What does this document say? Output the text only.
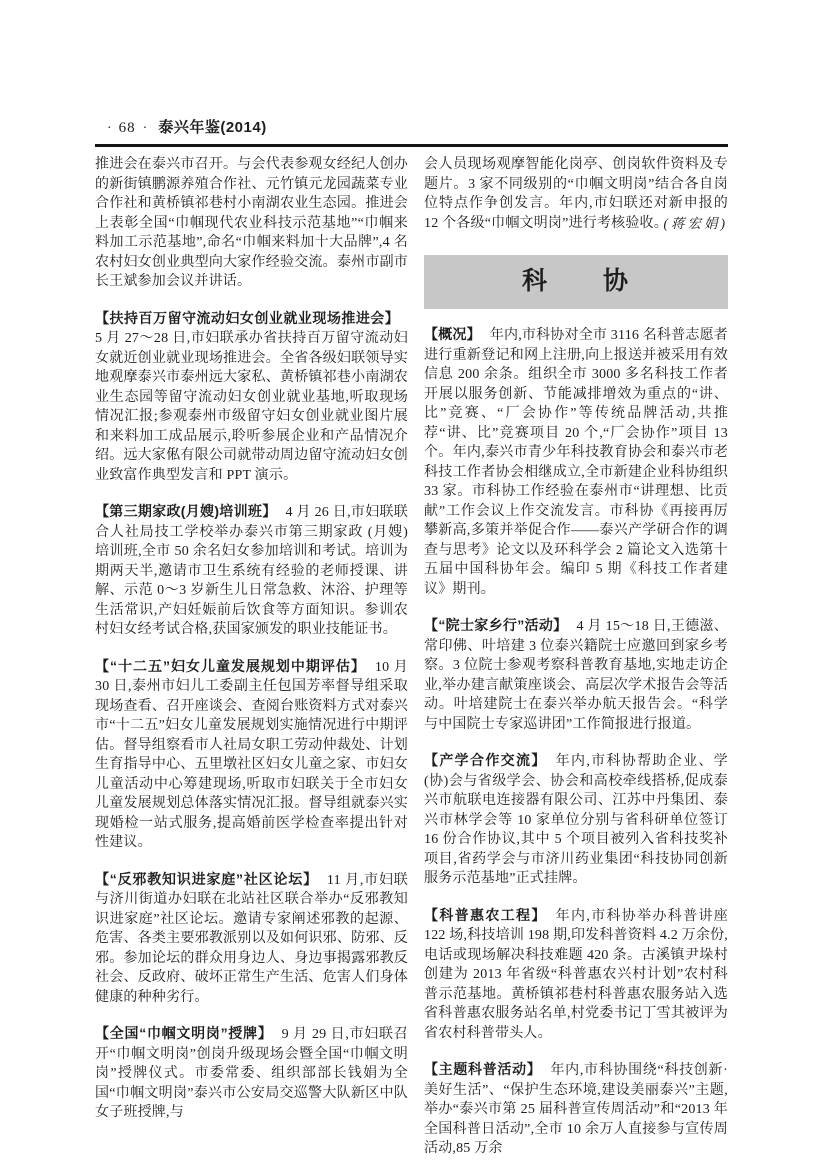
· 68 · 泰兴年鉴(2014)

推进会在泰兴市召开。与会代表参观女经纪人创办的新街镇鹏源养殖合作社、元竹镇元龙园蔬菜专业合作社和黄桥镇祁巷村小南湖农业生态园。推进会上表彰全国“巾帼现代农业科技示范基地”“巾帼来料加工示范基地”,命名“巾帼来料加十大品牌”,4 名农村妇女创业典型向大家作经验交流。泰州市副市长王斌参加会议并讲话。

【扶持百万留守流动妇女创业就业现场推进会】5 月 27～28 日,市妇联承办省扶持百万留守流动妇女就近创业就业现场推进会。全省各级妇联领导实地观摩泰兴市泰州远大家私、黄桥镇祁巷小南湖农业生态园等留守流动妇女创业就业基地,听取现场情况汇报;参观泰州市级留守妇女创业就业图片展和来料加工成品展示,聆听参展企业和产品情况介绍。远大家俬有限公司就带动周边留守流动妇女创业致富作典型发言和 PPT 演示。

【第三期家政(月嫂)培训班】 4 月 26 日,市妇联联合人社局技工学校举办泰兴市第三期家政 (月嫂) 培训班,全市 50 余名妇女参加培训和考试。培训为期两天半,邀请市卫生系统有经验的老师授课、讲解、示范 0～3 岁新生儿日常急救、沐浴、护理等生活常识,产妇妊娠前后饮食等方面知识。参训农村妇女经考试合格,获国家颁发的职业技能证书。

【“十二五”妇女儿童发展规划中期评估】 10 月 30 日,泰州市妇儿工委副主任包国芳率督导组采取现场查看、召开座谈会、查阅台账资料方式对泰兴市“十二五”妇女儿童发展规划实施情况进行中期评估。督导组察看市人社局女职工劳动仲裁处、计划生育指导中心、五里墩社区妇女儿童之家、市妇女儿童活动中心筹建现场,听取市妇联关于全市妇女儿童发展规划总体落实情况汇报。督导组就泰兴实现婚检一站式服务,提高婚前医学检查率提出针对性建议。

【“反邪教知识进家庭”社区论坛】 11 月,市妇联与济川街道办妇联在北站社区联合举办“反邪教知识进家庭”社区论坛。邀请专家阐述邪教的起源、危害、各类主要邪教派别以及如何识邪、防邪、反邪。参加论坛的群众用身边人、身边事揭露邪教反社会、反政府、破坏正常生产生活、危害人们身体健康的种种劣行。

【全国“巾帼文明岗”授牌】 9 月 29 日,市妇联召开“巾帼文明岗”创岗升级现场会暨全国“巾帼文明岗”授牌仪式。市委常委、组织部部长钱娟为全国“巾帼文明岗”泰兴市公安局交巡警大队新区中队女子班授牌,与

会人员现场观摩智能化岗亭、创岗软件资料及专题片。3 家不同级别的“巾帼文明岗”结合各自岗位特点作争创发言。年内,市妇联还对新申报的 12 个各级“巾帼文明岗”进行考核验收。

(蒋宏娟)

科　　协

【概况】 年内,市科协对全市 3116 名科普志愿者进行重新登记和网上注册,向上报送并被采用有效信息 200 余条。组织全市 3000 多名科技工作者开展以服务创新、节能减排增效为重点的“讲、比”竞赛、“厂会协作”等传统品牌活动,共推荐“讲、比”竞赛项目 20 个,“厂会协作”项目 13 个。年内,泰兴市青少年科技教育协会和泰兴市老科技工作者协会相继成立,全市新建企业科协组织 33 家。市科协工作经验在泰州市“讲理想、比贡献”工作会议上作交流发言。市科协《再接再厉攀新高,多策并举促合作——泰兴产学研合作的调查与思考》论文以及环科学会 2 篇论文入选第十五届中国科协年会。编印 5 期《科技工作者建议》期刊。

【“院士家乡行”活动】 4 月 15～18 日,王德滋、常印佛、叶培建 3 位泰兴籍院士应邀回到家乡考察。3 位院士参观考察科普教育基地,实地走访企业,举办建言献策座谈会、高层次学术报告会等活动。叶培建院士在泰兴举办航天报告会。“科学与中国院士专家巡讲团”工作简报进行报道。

【产学合作交流】 年内,市科协帮助企业、学(协)会与省级学会、协会和高校牵线搭桥,促成泰兴市航联电连接器有限公司、江苏中丹集团、泰兴市林学会等 10 家单位分别与省科研单位签订 16 份合作协议,其中 5 个项目被列入省科技奖补项目,省药学会与市济川药业集团“科技协同创新服务示范基地”正式挂牌。

【科普惠农工程】 年内,市科协举办科普讲座 122 场,科技培训 198 期,印发科普资料 4.2 万余份,电话或现场解决科技难题 420 条。古溪镇尹垛村创建为 2013 年省级“科普惠农兴村计划”农村科普示范基地。黄桥镇祁巷村科普惠农服务站入选省科普惠农服务站名单,村党委书记丁雪其被评为省农村科普带头人。

【主题科普活动】 年内,市科协围绕“科技创新·美好生活”、“保护生态环境,建设美丽泰兴”主题,举办“泰兴市第 25 届科普宣传周活动”和“2013 年全国科普日活动”,全市 10 余万人直接参与宣传周活动,85 万余
